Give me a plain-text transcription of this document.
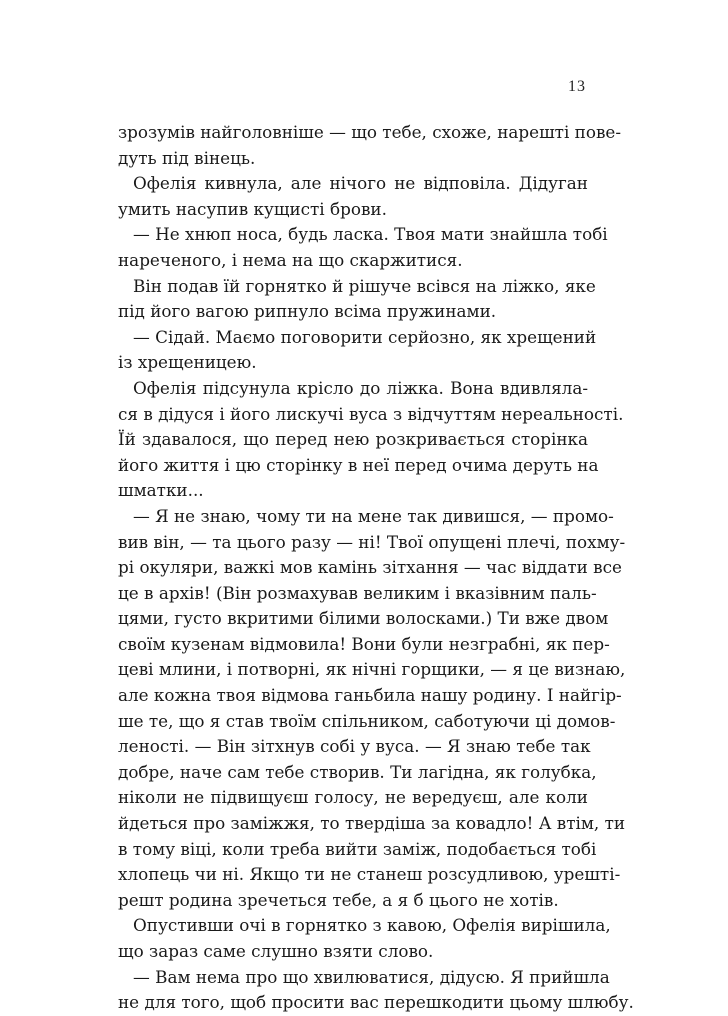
13
зрозумів найголовніше — що тебе, схоже, нарешті пове-
дуть під вінець.
Офелія кивнула, але нічого не відповіла. Дідуган
умить насупив кущисті брови.
— Не хнюп носа, будь ласка. Твоя мати знайшла тобі
нареченого, і нема на що скаржитися.
Він подав їй горнятко й рішуче всівся на ліжко, яке
під його вагою рипнуло всіма пружинами.
— Сідай. Маємо поговорити серйозно, як хрещений
із хрещеницею.
Офелія підсунула крісло до ліжка. Вона вдивляла-
ся в дідуся і його лискучі вуса з відчуттям нереальності.
Їй здавалося, що перед нею розкривається сторінка
його життя і цю сторінку в неї перед очима деруть на
шматки...
— Я не знаю, чому ти на мене так дивишся, — промо-
вив він, — та цього разу — ні! Твої опущені плечі, похму-
рі окуляри, важкі мов камінь зітхання — час віддати все
це в архів! (Він розмахував великим і вказівним паль-
цями, густо вкритими білими волосками.) Ти вже двом
своїм кузенам відмовила! Вони були незграбні, як пер-
цеві млини, і потворні, як нічні горщики, — я це визнаю,
але кожна твоя відмова ганьбила нашу родину. І найгір-
ше те, що я став твоїм спільником, саботуючи ці домов-
леності. — Він зітхнув собі у вуса. — Я знаю тебе так
добре, наче сам тебе створив. Ти лагідна, як голубка,
ніколи не підвищуєш голосу, не вередуєш, але коли
йдеться про заміжжя, то твердіша за ковадло! А втім, ти
в тому віці, коли треба вийти заміж, подобається тобі
хлопець чи ні. Якщо ти не станеш розсудливою, урешті-
решт родина зречеться тебе, а я б цього не хотів.
Опустивши очі в горнятко з кавою, Офелія вирішила,
що зараз саме слушно взяти слово.
— Вам нема про що хвилюватися, дідусю. Я прийшла
не для того, щоб просити вас перешкодити цьому шлюбу.
